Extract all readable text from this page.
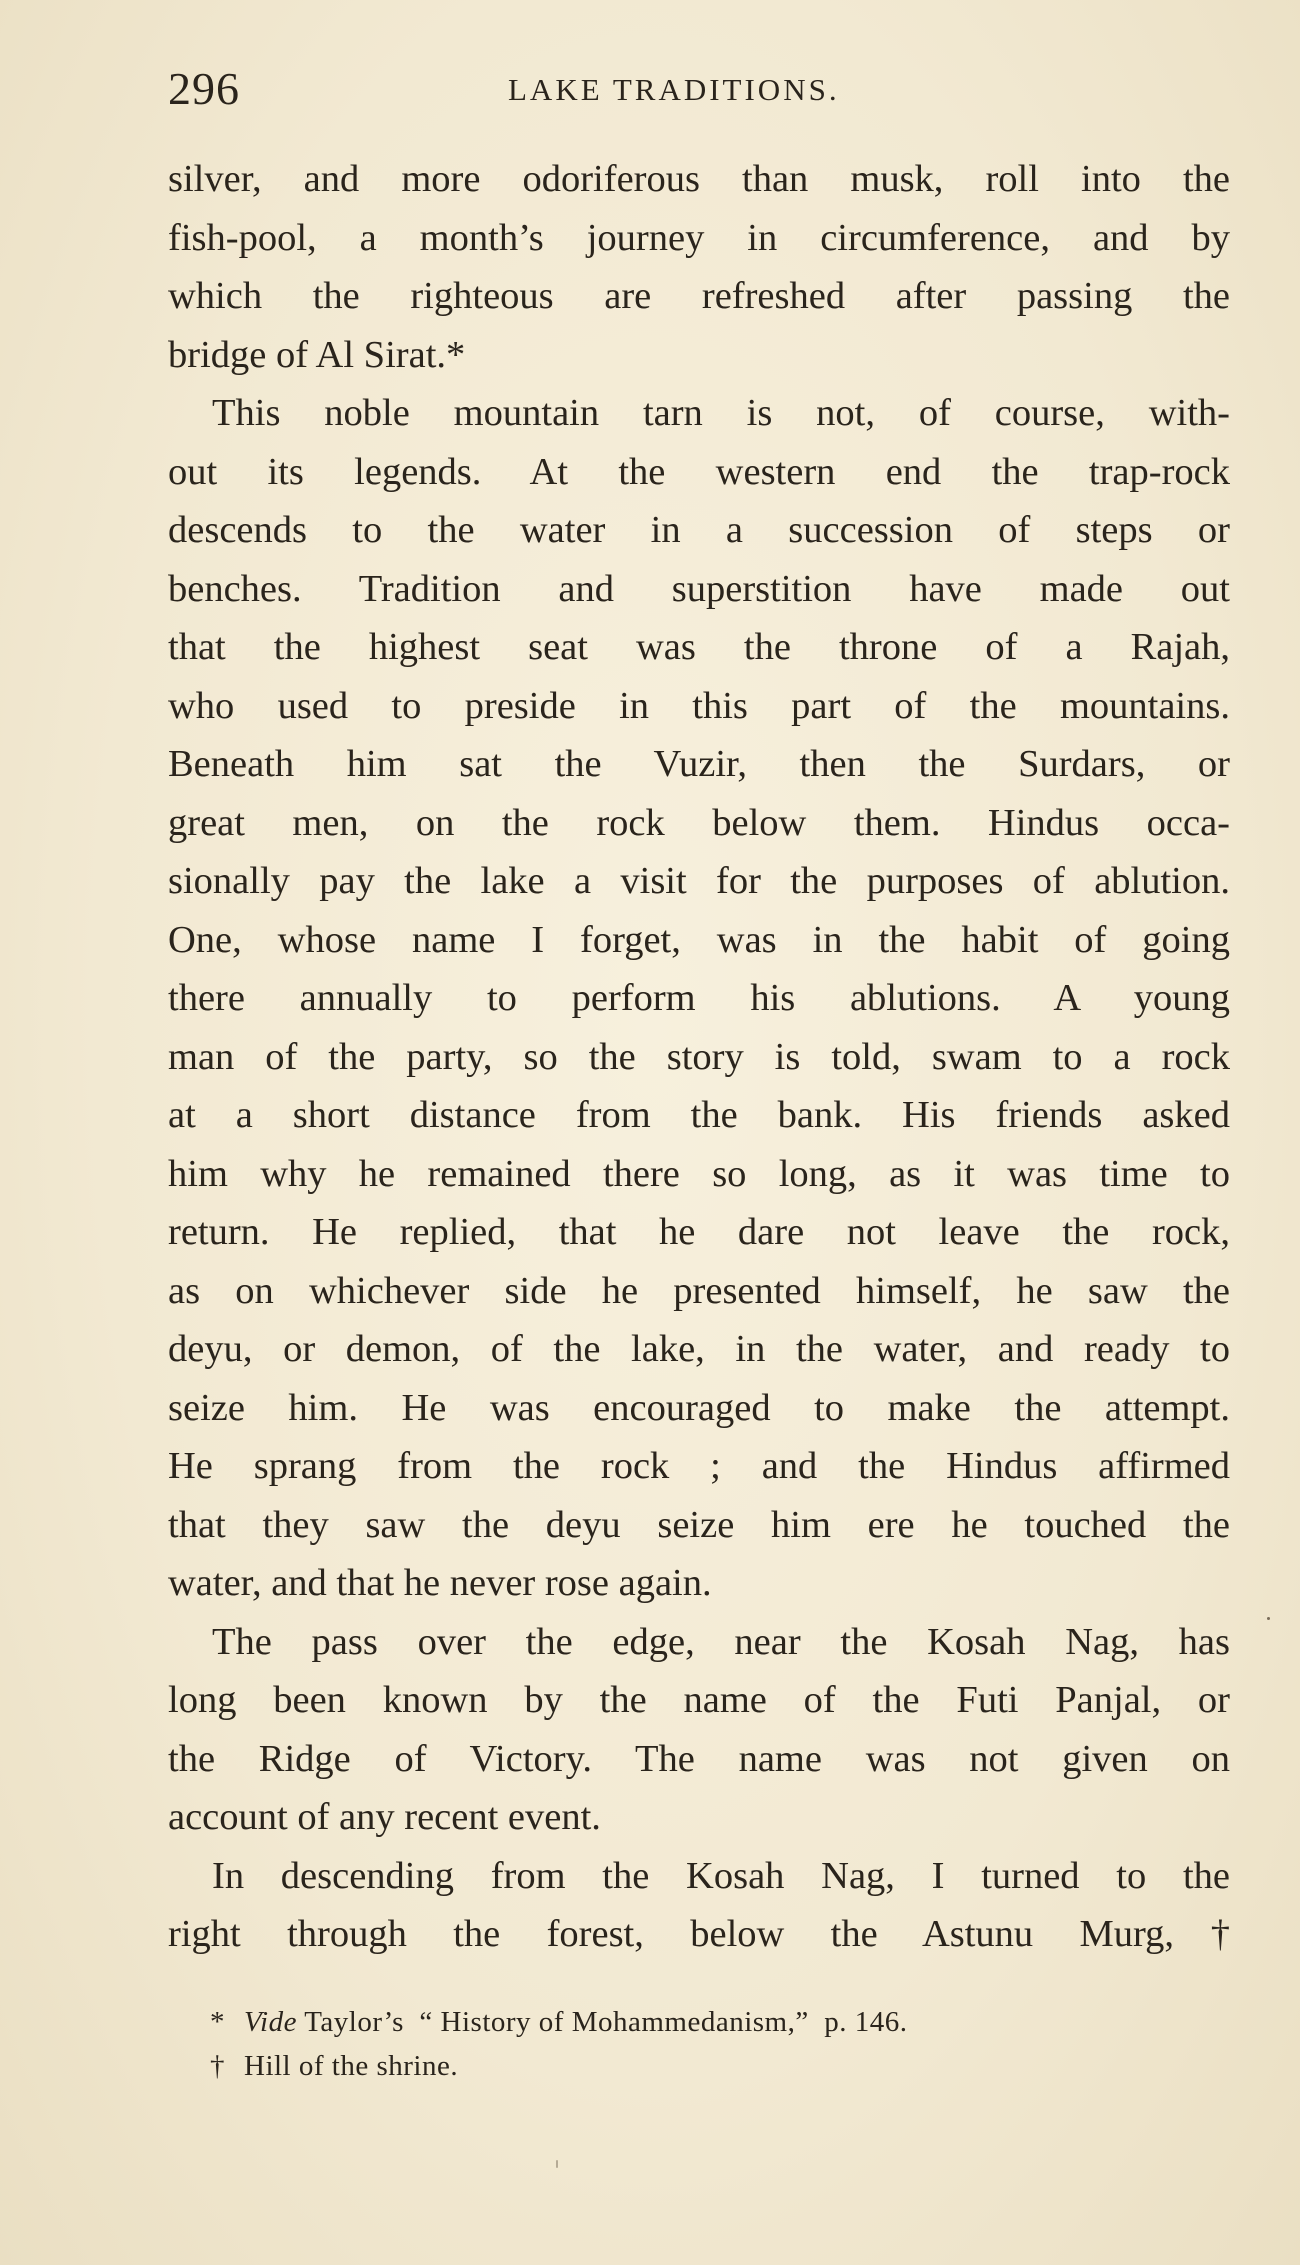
296	LAKE TRADITIONS.
silver, and more odoriferous than musk, roll into the
fish-pool, a month’s journey in circumference, and by
which the righteous are refreshed after passing the
bridge of Al Sirat.*
This noble mountain tarn is not, of course, with-
out its legends. At the western end the trap-rock
descends to the water in a succession of steps or
benches. Tradition and superstition have made out
that the highest seat was the throne of a Rajah,
who used to preside in this part of the mountains.
Beneath him sat the Vuzir, then the Surdars, or
great men, on the rock below them. Hindus occa-
sionally pay the lake a visit for the purposes of ablution.
One, whose name I forget, was in the habit of going
there annually to perform his ablutions. A young
man of the party, so the story is told, swam to a rock
at a short distance from the bank. His friends asked
him why he remained there so long, as it was time to
return. He replied, that he dare not leave the rock,
as on whichever side he presented himself, he saw the
deyu, or demon, of the lake, in the water, and ready to
seize him. He was encouraged to make the attempt.
He sprang from the rock ; and the Hindus affirmed
that they saw the deyu seize him ere he touched the
water, and that he never rose again.
The pass over the edge, near the Kosah Nag, has
long been known by the name of the Futi Panjal, or
the Ridge of Victory. The name was not given on
account of any recent event.
In descending from the Kosah Nag, I turned to the
right through the forest, below the Astunu Murg,†
* Vide Taylor’s  “ History of Mohammedanism,”  p. 146.
† Hill of the shrine.
